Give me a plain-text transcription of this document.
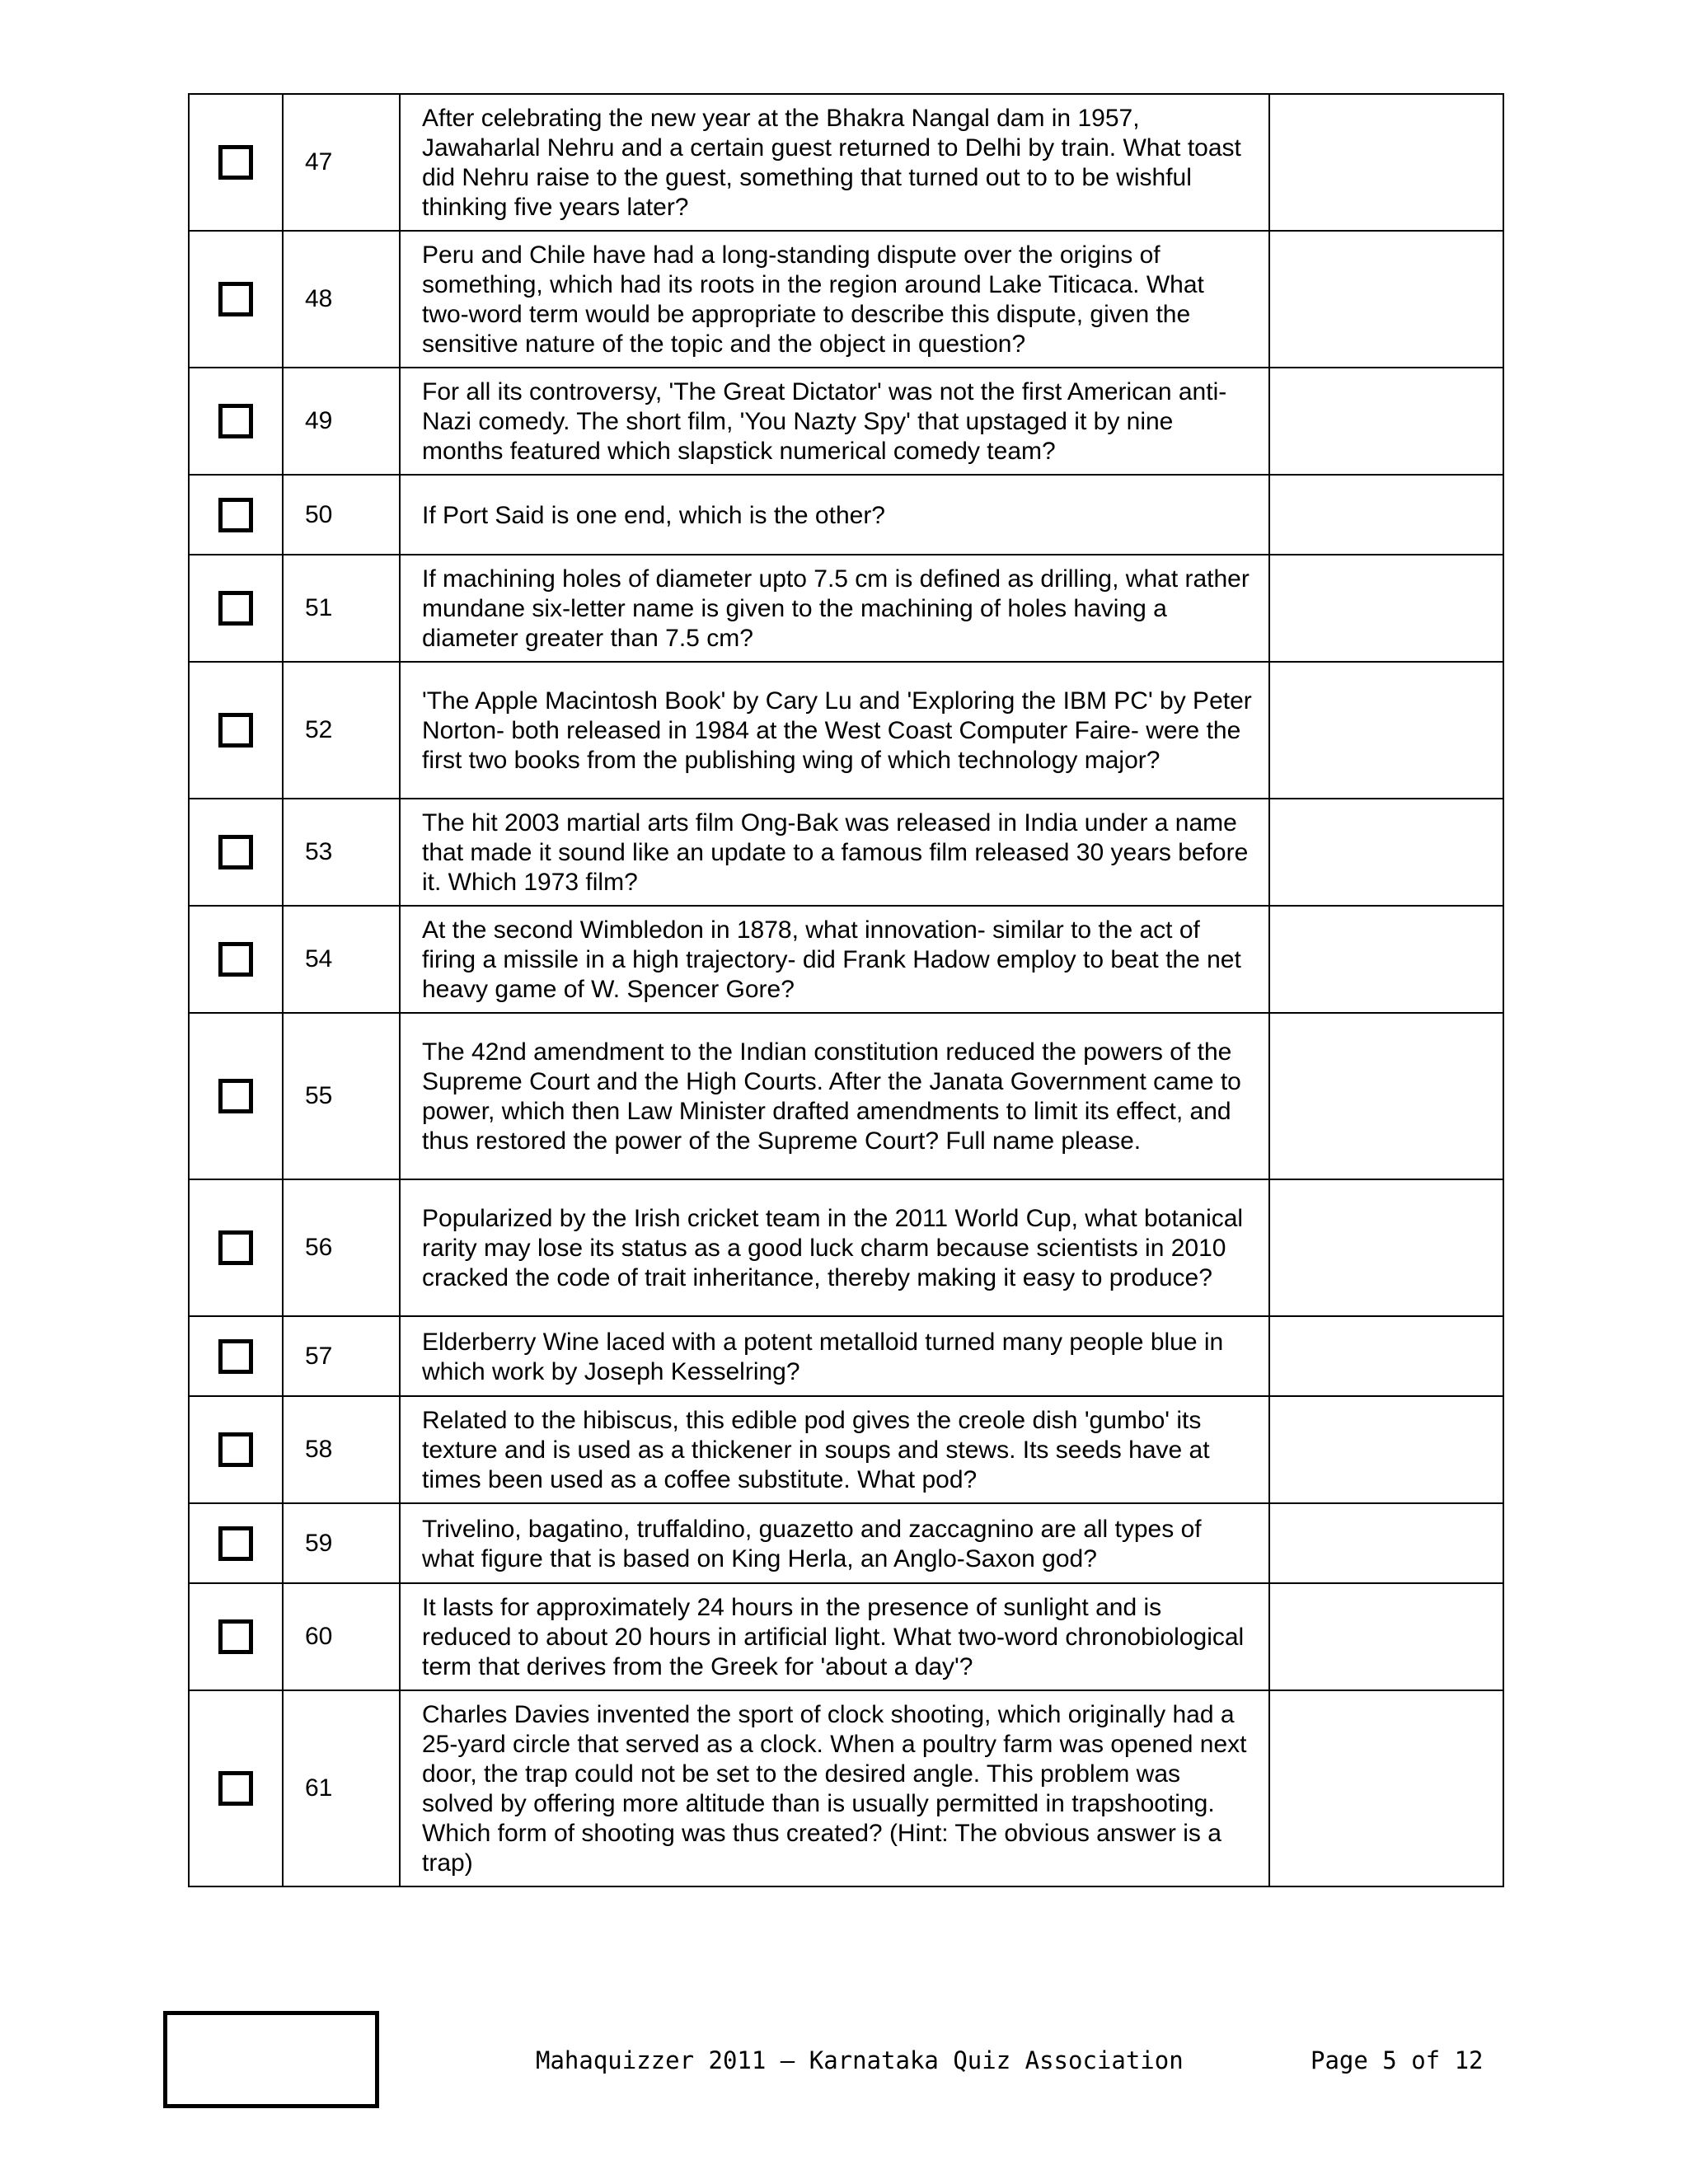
	47	After celebrating the new year at the Bhakra Nangal dam in 1957, Jawaharlal Nehru and a certain guest returned to Delhi by train. What toast did Nehru raise to the guest, something that turned out to to be wishful thinking five years later?	
	48	Peru and Chile have had a long-standing dispute over the origins of something, which had its roots in the region around Lake Titicaca. What two-word term would be appropriate to describe this dispute, given the sensitive nature of the topic and the object in question?	
	49	For all its controversy, 'The Great Dictator' was not the first American anti-Nazi comedy. The short film, 'You Nazty Spy' that upstaged it by nine months featured which slapstick numerical comedy team?	
	50	If Port Said is one end, which is the other?	
	51	If machining holes of diameter upto 7.5 cm is defined as drilling, what rather mundane six-letter name is given to the machining of holes having a diameter greater than 7.5 cm?	
	52	'The Apple Macintosh Book' by Cary Lu and 'Exploring the IBM PC' by Peter Norton- both released in 1984 at the West Coast Computer Faire- were the first two books from the publishing wing of which technology major?	
	53	The hit 2003 martial arts film Ong-Bak was released in India under a name that made it sound like an update to a famous film released 30 years before it. Which 1973 film?	
	54	At the second Wimbledon in 1878, what innovation- similar to the act of firing a missile in a high trajectory- did Frank Hadow employ to beat the net heavy game of W. Spencer Gore?	
	55	The 42nd amendment to the Indian constitution reduced the powers of the Supreme Court and the High Courts. After the Janata Government came to power, which then Law Minister drafted amendments to limit its effect, and thus restored the power of the Supreme Court? Full name please.	
	56	Popularized by the Irish cricket team in the 2011 World Cup, what botanical rarity may lose its status as a good luck charm because scientists in 2010 cracked the code of trait inheritance, thereby making it easy to produce?	
	57	Elderberry Wine laced with a potent metalloid turned many people blue in which work by Joseph Kesselring?	
	58	Related to the hibiscus, this edible pod gives the creole dish 'gumbo' its texture and is used as a thickener in soups and stews. Its seeds have at times been used as a coffee substitute. What pod?	
	59	Trivelino, bagatino, truffaldino, guazetto and zaccagnino are all types of what figure that is based on King Herla, an Anglo-Saxon god?	
	60	It lasts for approximately 24 hours in the presence of sunlight and is reduced to about 20 hours in artificial light. What two-word chronobiological term that derives from the Greek for 'about a day'?	
	61	Charles Davies invented the sport of clock shooting, which originally had a 25-yard circle that served as a clock. When a poultry farm was opened next door, the trap could not be set to the desired angle. This problem was solved by offering more altitude than is usually permitted in trapshooting. Which form of shooting was thus created? (Hint: The obvious answer is a trap)	
Mahaquizzer 2011 – Karnataka Quiz Association	Page 5 of 12
